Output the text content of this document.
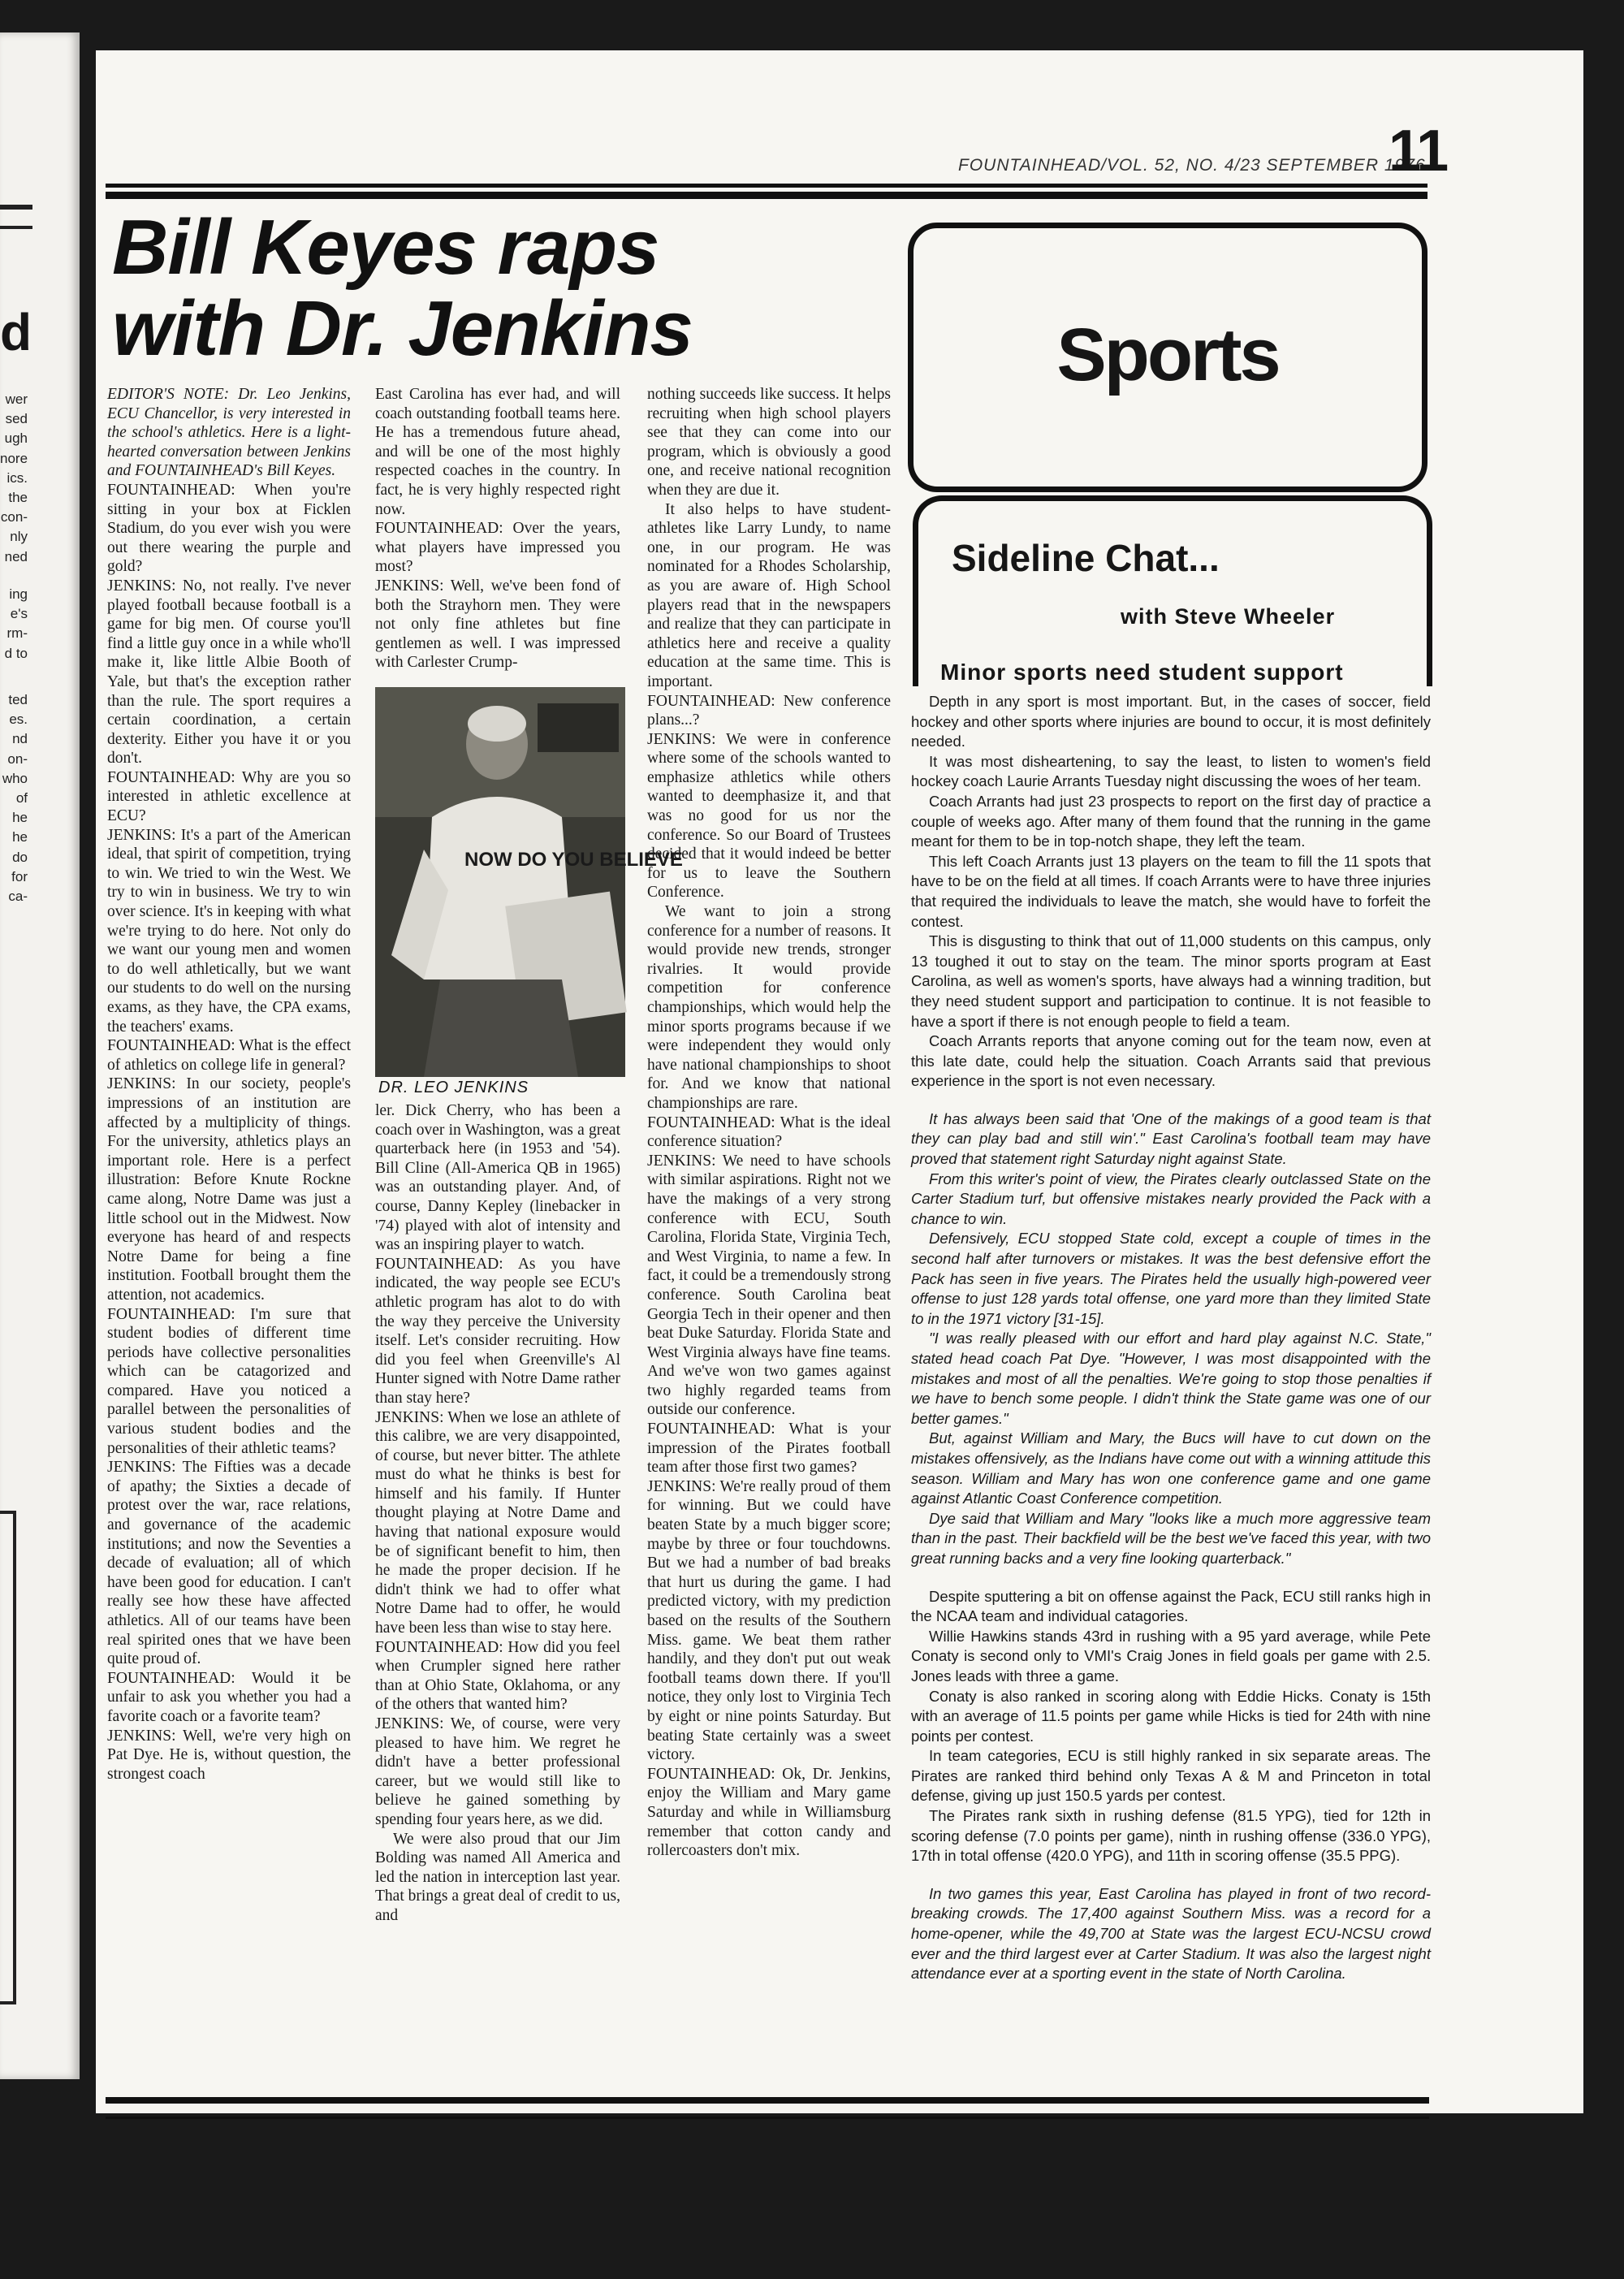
d
wer
sed
ugh
nore
ics.
the
con-
nly
ned
ing
e's
rm-
d to
ted
es.
nd
on-
who
of
he
he
do
for
ca-
FOUNTAINHEAD/VOL. 52, NO. 4/23 SEPTEMBER 1976
11
Bill Keyes raps
with Dr. Jenkins

EDITOR'S NOTE: Dr. Leo Jenkins, ECU Chancellor, is very interested in the school's athletics. Here is a light-hearted conversation between Jenkins and FOUNTAINHEAD's Bill Keyes.

FOUNTAINHEAD: When you're sitting in your box at Ficklen Stadium, do you ever wish you were out there wearing the purple and gold?

JENKINS: No, not really. I've never played football because football is a game for big men. Of course you'll find a little guy once in a while who'll make it, like little Albie Booth of Yale, but that's the exception rather than the rule. The sport requires a certain coordination, a certain dexterity. Either you have it or you don't.

FOUNTAINHEAD: Why are you so interested in athletic excellence at ECU?

JENKINS: It's a part of the American ideal, that spirit of competition, trying to win. We tried to win the West. We try to win in business. We try to win over science. It's in keeping with what we're trying to do here. Not only do we want our young men and women to do well athletically, but we want our students to do well on the nursing exams, as they have, the CPA exams, the teachers' exams.

FOUNTAINHEAD: What is the effect of athletics on college life in general?

JENKINS: In our society, people's impressions of an institution are affected by a multiplicity of things. For the university, athletics plays an important role. Here is a perfect illustration: Before Knute Rockne came along, Notre Dame was just a little school out in the Midwest. Now everyone has heard of and respects Notre Dame for being a fine institution. Football brought them the attention, not academics.

FOUNTAINHEAD: I'm sure that student bodies of different time periods have collective personalities which can be catagorized and compared. Have you noticed a parallel between the personalities of various student bodies and the personalities of their athletic teams?

JENKINS: The Fifties was a decade of apathy; the Sixties a decade of protest over the war, race relations, and governance of the academic institutions; and now the Seventies a decade of evaluation; all of which have been good for education. I can't really see how these have affected athletics. All of our teams have been real spirited ones that we have been quite proud of.

FOUNTAINHEAD: Would it be unfair to ask you whether you had a favorite coach or a favorite team?

JENKINS: Well, we're very high on Pat Dye. He is, without question, the strongest coach

East Carolina has ever had, and will coach outstanding football teams here. He has a tremendous future ahead, and will be one of the most highly respected coaches in the country. In fact, he is very highly respected right now.

FOUNTAINHEAD: Over the years, what players have impressed you most?

JENKINS: Well, we've been fond of both the Strayhorn men. They were not only fine athletes but fine gentlemen as well. I was impressed with Carlester Crump-

NOW DO YOU BELIEVE
DR. LEO JENKINS

ler. Dick Cherry, who has been a coach over in Washington, was a great quarterback here (in 1953 and '54). Bill Cline (All-America QB in 1965) was an outstanding player. And, of course, Danny Kepley (linebacker in '74) played with alot of intensity and was an inspiring player to watch.

FOUNTAINHEAD: As you have indicated, the way people see ECU's athletic program has alot to do with the way they perceive the University itself. Let's consider recruiting. How did you feel when Greenville's Al Hunter signed with Notre Dame rather than stay here?

JENKINS: When we lose an athlete of this calibre, we are very disappointed, of course, but never bitter. The athlete must do what he thinks is best for himself and his family. If Hunter thought playing at Notre Dame and having that national exposure would be of significant benefit to him, then he made the proper decision. If he didn't think we had to offer what Notre Dame had to offer, he would have been less than wise to stay here.

FOUNTAINHEAD: How did you feel when Crumpler signed here rather than at Ohio State, Oklahoma, or any of the others that wanted him?

JENKINS: We, of course, were very pleased to have him. We regret he didn't have a better professional career, but we would still like to believe he gained something by spending four years here, as we did.

We were also proud that our Jim Bolding was named All America and led the nation in interception last year. That brings a great deal of credit to us, and

nothing succeeds like success. It helps recruiting when high school players see that they can come into our program, which is obviously a good one, and receive national recognition when they are due it.

It also helps to have student-athletes like Larry Lundy, to name one, in our program. He was nominated for a Rhodes Scholarship, as you are aware of. High School players read that in the newspapers and realize that they can participate in athletics here and receive a quality education at the same time. This is important.

FOUNTAINHEAD: New conference plans...?

JENKINS: We were in conference where some of the schools wanted to emphasize athletics while others wanted to deemphasize it, and that was no good for us nor the conference. So our Board of Trustees decided that it would indeed be better for us to leave the Southern Conference.

We want to join a strong conference for a number of reasons. It would provide new trends, stronger rivalries. It would provide competition for conference championships, which would help the minor sports programs because if we were independent they would only have national championships to shoot for. And we know that national championships are rare.

FOUNTAINHEAD: What is the ideal conference situation?

JENKINS: We need to have schools with similar aspirations. Right not we have the makings of a very strong conference with ECU, South Carolina, Florida State, Virginia Tech, and West Virginia, to name a few. In fact, it could be a tremendously strong conference. South Carolina beat Georgia Tech in their opener and then beat Duke Saturday. Florida State and West Virginia always have fine teams. And we've won two games against two highly regarded teams from outside our conference.

FOUNTAINHEAD: What is your impression of the Pirates football team after those first two games?

JENKINS: We're really proud of them for winning. But we could have beaten State by a much bigger score; maybe by three or four touchdowns. But we had a number of bad breaks that hurt us during the game. I had predicted victory, with my prediction based on the results of the Southern Miss. game. We beat them rather handily, and they don't put out weak football teams down there. If you'll notice, they only lost to Virginia Tech by eight or nine points Saturday. But beating State certainly was a sweet victory.

FOUNTAINHEAD: Ok, Dr. Jenkins, enjoy the William and Mary game Saturday and while in Williamsburg remember that cotton candy and rollercoasters don't mix.

Sports
Sideline Chat...
with Steve Wheeler
Minor sports need student support

Depth in any sport is most important. But, in the cases of soccer, field hockey and other sports where injuries are bound to occur, it is most definitely needed.

It was most disheartening, to say the least, to listen to women's field hockey coach Laurie Arrants Tuesday night discussing the woes of her team.

Coach Arrants had just 23 prospects to report on the first day of practice a couple of weeks ago. After many of them found that the running in the game meant for them to be in top-notch shape, they left the team.

This left Coach Arrants just 13 players on the team to fill the 11 spots that have to be on the field at all times. If coach Arrants were to have three injuries that required the individuals to leave the match, she would have to forfeit the contest.

This is disgusting to think that out of 11,000 students on this campus, only 13 toughed it out to stay on the team. The minor sports program at East Carolina, as well as women's sports, have always had a winning tradition, but they need student support and participation to continue. It is not feasible to have a sport if there is not enough people to field a team.

Coach Arrants reports that anyone coming out for the team now, even at this late date, could help the situation. Coach Arrants said that previous experience in the sport is not even necessary.

It has always been said that 'One of the makings of a good team is that they can play bad and still win'." East Carolina's football team may have proved that statement right Saturday night against State.

From this writer's point of view, the Pirates clearly outclassed State on the Carter Stadium turf, but offensive mistakes nearly provided the Pack with a chance to win.

Defensively, ECU stopped State cold, except a couple of times in the second half after turnovers or mistakes. It was the best defensive effort the Pack has seen in five years. The Pirates held the usually high-powered veer offense to just 128 yards total offense, one yard more than they limited State to in the 1971 victory [31-15].

"I was really pleased with our effort and hard play against N.C. State," stated head coach Pat Dye. "However, I was most disappointed with the mistakes and most of all the penalties. We're going to stop those penalties if we have to bench some people. I didn't think the State game was one of our better games."

But, against William and Mary, the Bucs will have to cut down on the mistakes offensively, as the Indians have come out with a winning attitude this season. William and Mary has won one conference game and one game against Atlantic Coast Conference competition.

Dye said that William and Mary "looks like a much more aggressive team than in the past. Their backfield will be the best we've faced this year, with two great running backs and a very fine looking quarterback."

Despite sputtering a bit on offense against the Pack, ECU still ranks high in the NCAA team and individual catagories.

Willie Hawkins stands 43rd in rushing with a 95 yard average, while Pete Conaty is second only to VMI's Craig Jones in field goals per game with 2.5. Jones leads with three a game.

Conaty is also ranked in scoring along with Eddie Hicks. Conaty is 15th with an average of 11.5 points per game while Hicks is tied for 24th with nine points per contest.

In team categories, ECU is still highly ranked in six separate areas. The Pirates are ranked third behind only Texas A & M and Princeton in total defense, giving up just 150.5 yards per contest.

The Pirates rank sixth in rushing defense (81.5 YPG), tied for 12th in scoring defense (7.0 points per game), ninth in rushing offense (336.0 YPG), 17th in total offense (420.0 YPG), and 11th in scoring offense (35.5 PPG).

In two games this year, East Carolina has played in front of two record-breaking crowds. The 17,400 against Southern Miss. was a record for a home-opener, while the 49,700 at State was the largest ECU-NCSU crowd ever and the third largest ever at Carter Stadium. It was also the largest night attendance ever at a sporting event in the state of North Carolina.
